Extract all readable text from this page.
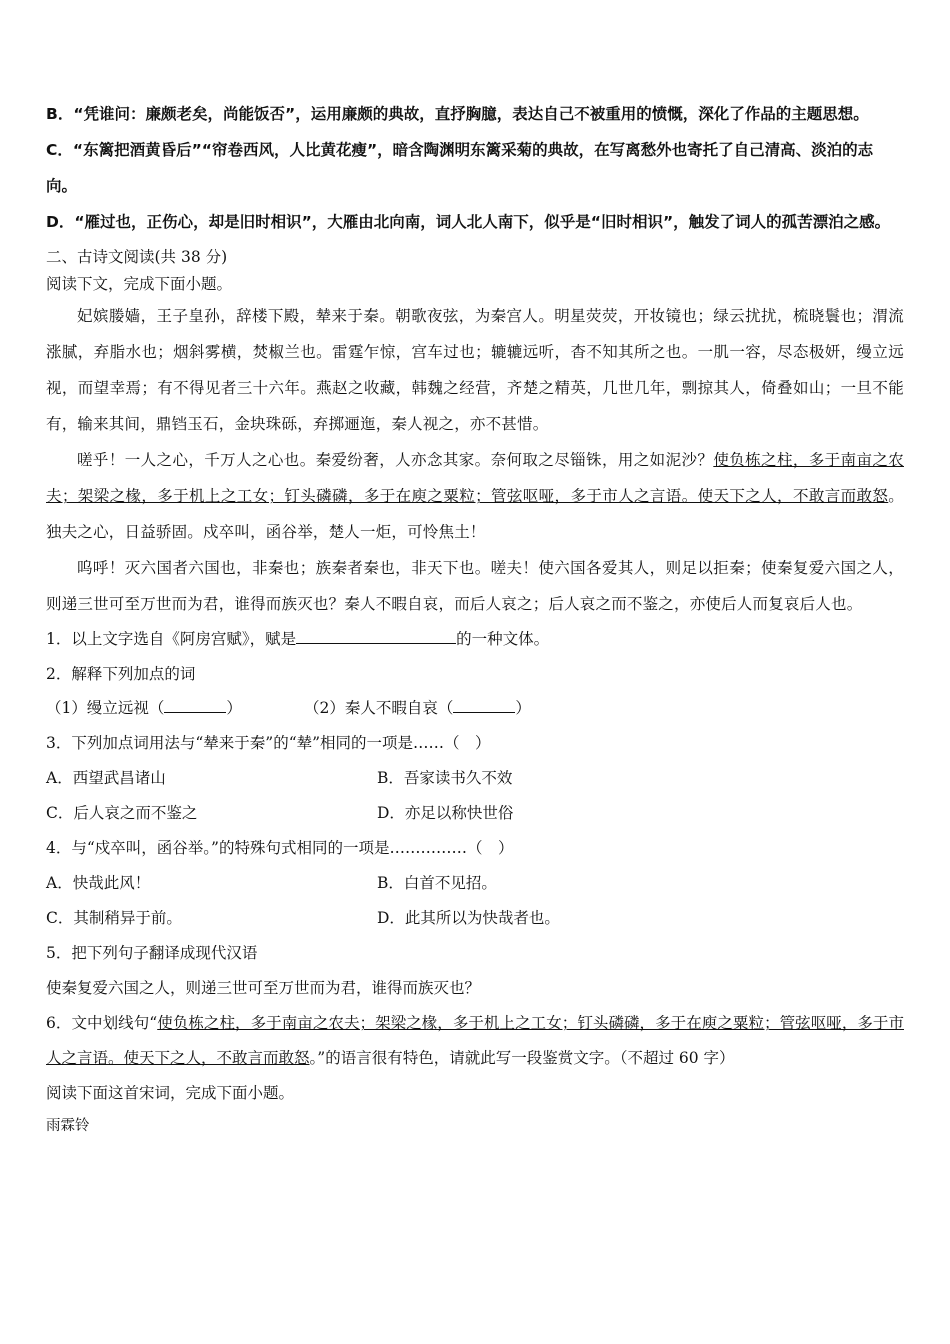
B．“凭谁问：廉颇老矣，尚能饭否”，运用廉颇的典故，直抒胸臆，表达自己不被重用的愤慨，深化了作品的主题思想。

C．“东篱把酒黄昏后”“帘卷西风，人比黄花瘦”，暗含陶渊明东篱采菊的典故，在写离愁外也寄托了自己清高、淡泊的志向。

D．“雁过也，正伤心，却是旧时相识”，大雁由北向南，词人北人南下，似乎是“旧时相识”，触发了词人的孤苦漂泊之感。

二、古诗文阅读(共 38 分)

阅读下文，完成下面小题。

妃嫔媵嫱，王子皇孙，辞楼下殿，辇来于秦。朝歌夜弦，为秦宫人。明星荧荧，开妆镜也；绿云扰扰，梳晓鬟也；渭流涨腻，弃脂水也；烟斜雾横，焚椒兰也。雷霆乍惊，宫车过也；辘辘远听，杳不知其所之也。一肌一容，尽态极妍，缦立远视，而望幸焉；有不得见者三十六年。燕赵之收藏，韩魏之经营，齐楚之精英，几世几年，剽掠其人，倚叠如山；一旦不能有，输来其间，鼎铛玉石，金块珠砾，弃掷逦迤，秦人视之，亦不甚惜。

嗟乎！一人之心，千万人之心也。秦爱纷奢，人亦念其家。奈何取之尽锱铢，用之如泥沙？使负栋之柱，多于南亩之农夫；架梁之椽，多于机上之工女；钉头磷磷，多于在庾之粟粒；管弦呕哑，多于市人之言语。使天下之人，不敢言而敢怒。独夫之心，日益骄固。戍卒叫，函谷举，楚人一炬，可怜焦土！

呜呼！灭六国者六国也，非秦也；族秦者秦也，非天下也。嗟夫！使六国各爱其人，则足以拒秦；使秦复爱六国之人，则递三世可至万世而为君，谁得而族灭也？秦人不暇自哀，而后人哀之；后人哀之而不鉴之，亦使后人而复哀后人也。

1．以上文字选自《阿房宫赋》，赋是	的一种文体。

2．解释下列加点的词

（1）缦立远视（	）	（2）秦人不暇自哀（	）

3．下列加点词用法与“辇来于秦”的“辇”相同的一项是……（　）

A．西望武昌诸山	B．吾家读书久不效
C．后人哀之而不鉴之	D．亦足以称快世俗

4．与“戍卒叫，函谷举。”的特殊句式相同的一项是……………（　）

A．快哉此风！	B．白首不见招。
C．其制稍异于前。	D．此其所以为快哉者也。

5．把下列句子翻译成现代汉语

使秦复爱六国之人，则递三世可至万世而为君，谁得而族灭也？

6．文中划线句“使负栋之柱，多于南亩之农夫；架梁之椽，多于机上之工女；钉头磷磷，多于在庾之粟粒；管弦呕哑，多于市人之言语。使天下之人，不敢言而敢怒。”的语言很有特色，请就此写一段鉴赏文字。（不超过 60 字）

阅读下面这首宋词，完成下面小题。

雨霖铃
